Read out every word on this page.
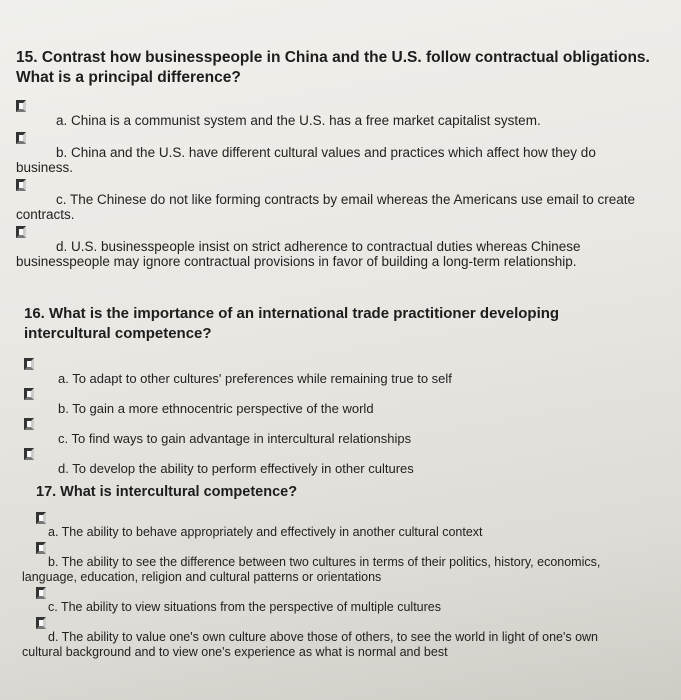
15. Contrast how businesspeople in China and the U.S. follow contractual obligations. What is a principal difference?
a. China is a communist system and the U.S. has a free market capitalist system.
b. China and the U.S. have different cultural values and practices which affect how they do business.
c. The Chinese do not like forming contracts by email whereas the Americans use email to create contracts.
d. U.S. businesspeople insist on strict adherence to contractual duties whereas Chinese businesspeople may ignore contractual provisions in favor of building a long-term relationship.
16. What is the importance of an international trade practitioner developing intercultural competence?
a. To adapt to other cultures' preferences while remaining true to self
b. To gain a more ethnocentric perspective of the world
c. To find ways to gain advantage in intercultural relationships
d. To develop the ability to perform effectively in other cultures
17. What is intercultural competence?
a. The ability to behave appropriately and effectively in another cultural context
b. The ability to see the difference between two cultures in terms of their politics, history, economics, language, education, religion and cultural patterns or orientations
c. The ability to view situations from the perspective of multiple cultures
d. The ability to value one's own culture above those of others, to see the world in light of one's own cultural background and to view one's experience as what is normal and best
